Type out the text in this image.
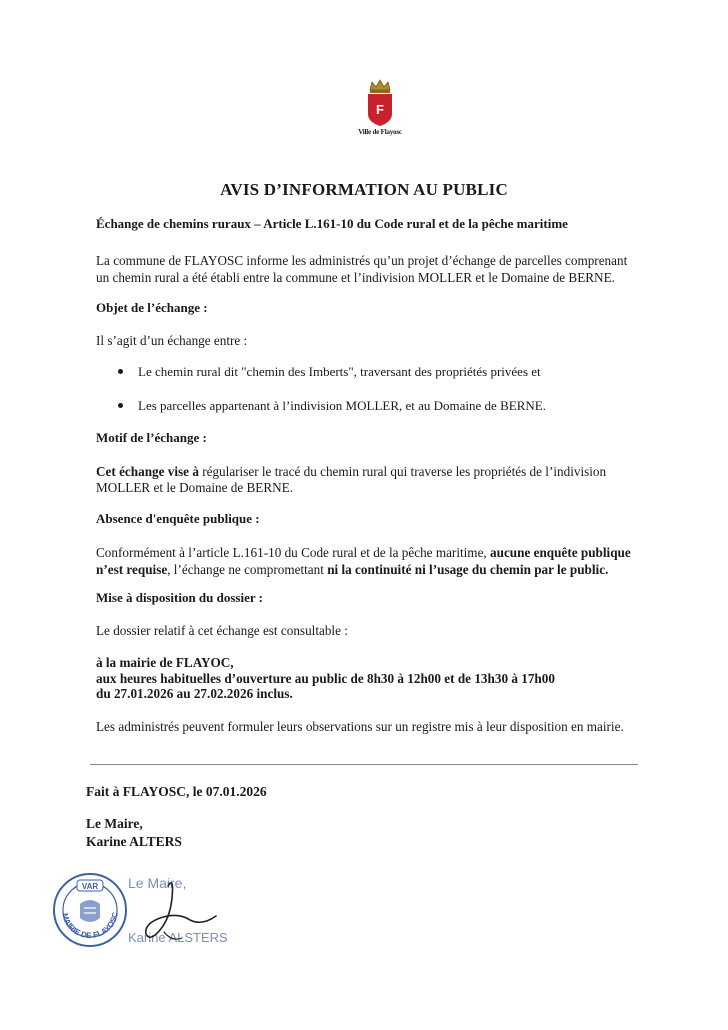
F
Ville de Flayosc
AVIS D’INFORMATION AU PUBLIC
Échange de chemins ruraux – Article L.161-10 du Code rural et de la pêche maritime
La commune de FLAYOSC informe les administrés qu’un projet d’échange de parcelles comprenant
un chemin rural a été établi entre la commune et l’indivision MOLLER et le Domaine de BERNE.
Objet de l’échange :
Il s’agit d’un échange entre :
Le chemin rural dit "chemin des Imberts", traversant des propriétés privées et
Les parcelles appartenant à l’indivision MOLLER, et au Domaine de BERNE.
Motif de l’échange :
Cet échange vise à régulariser le tracé du chemin rural qui traverse les propriétés de l’indivision
MOLLER et le Domaine de BERNE.
Absence d'enquête publique :
Conformément à l’article L.161-10 du Code rural et de la pêche maritime, aucune enquête publique
n’est requise, l’échange ne compromettant ni la continuité ni l’usage du chemin par le public.
Mise à disposition du dossier :
Le dossier relatif à cet échange est consultable :
à la mairie de FLAYOC,
aux heures habituelles d’ouverture au public de 8h30 à 12h00 et de 13h30 à 17h00
du 27.01.2026 au 27.02.2026 inclus.
Les administrés peuvent formuler leurs observations sur un registre mis à leur disposition en mairie.
Fait à FLAYOSC, le 07.01.2026
Le Maire,
Karine ALTERS
MAIRIE DE FLAYOSC
VAR Le Maire,
Karine ALSTERS
